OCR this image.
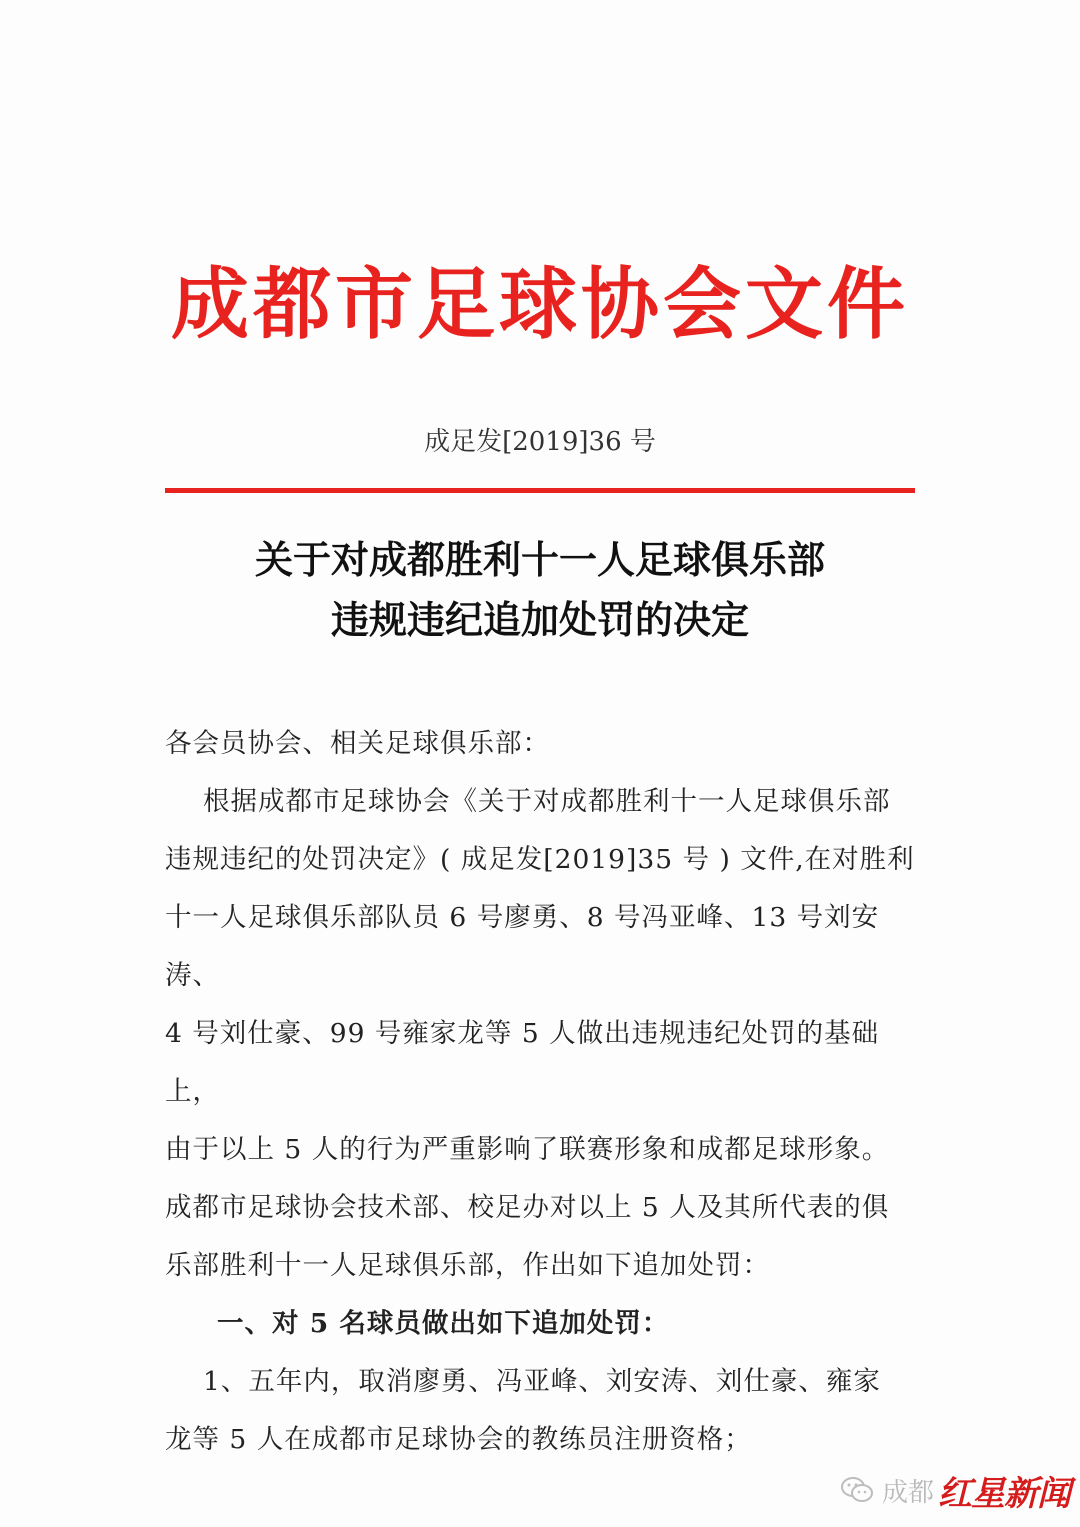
成都市足球协会文件
成足发[2019]36 号
关于对成都胜利十一人足球俱乐部
违规违纪追加处罚的决定

各会员协会、相关足球俱乐部：

根据成都市足球协会《关于对成都胜利十一人足球俱乐部

违规违纪的处罚决定》( 成足发[2019]35 号 ) 文件,在对胜利

十一人足球俱乐部队员 6 号廖勇、8 号冯亚峰、13 号刘安涛、

4 号刘仕豪、99 号雍家龙等 5 人做出违规违纪处罚的基础上，

由于以上 5 人的行为严重影响了联赛形象和成都足球形象。

成都市足球协会技术部、校足办对以上 5 人及其所代表的俱

乐部胜利十一人足球俱乐部，作出如下追加处罚：

一、对 5 名球员做出如下追加处罚：

1、五年内，取消廖勇、冯亚峰、刘安涛、刘仕豪、雍家

龙等 5 人在成都市足球协会的教练员注册资格；

成都 红星新闻
